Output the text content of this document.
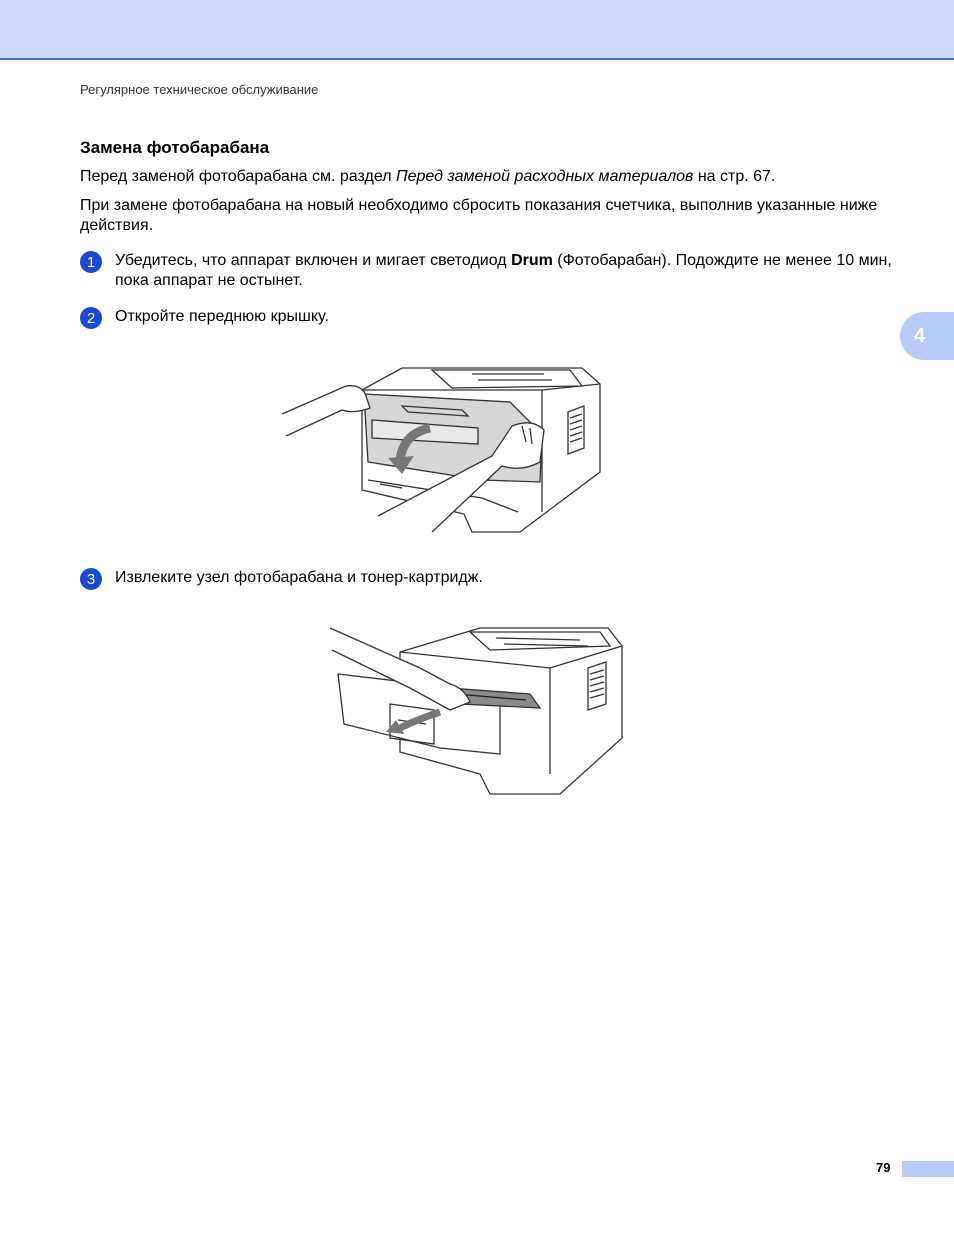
Регулярное техническое обслуживание
4
Замена фотобарабана

Перед заменой фотобарабана см. раздел Перед заменой расходных материалов на стр. 67.

При замене фотобарабана на новый необходимо сбросить показания счетчика, выполнив указанные ниже действия.

1	Убедитесь, что аппарат включен и мигает светодиод Drum (Фотобарабан). Подождите не менее 10 мин, пока аппарат не остынет.
2	Откройте переднюю крышку.
3	Извлеките узел фотобарабана и тонер-картридж.
79
